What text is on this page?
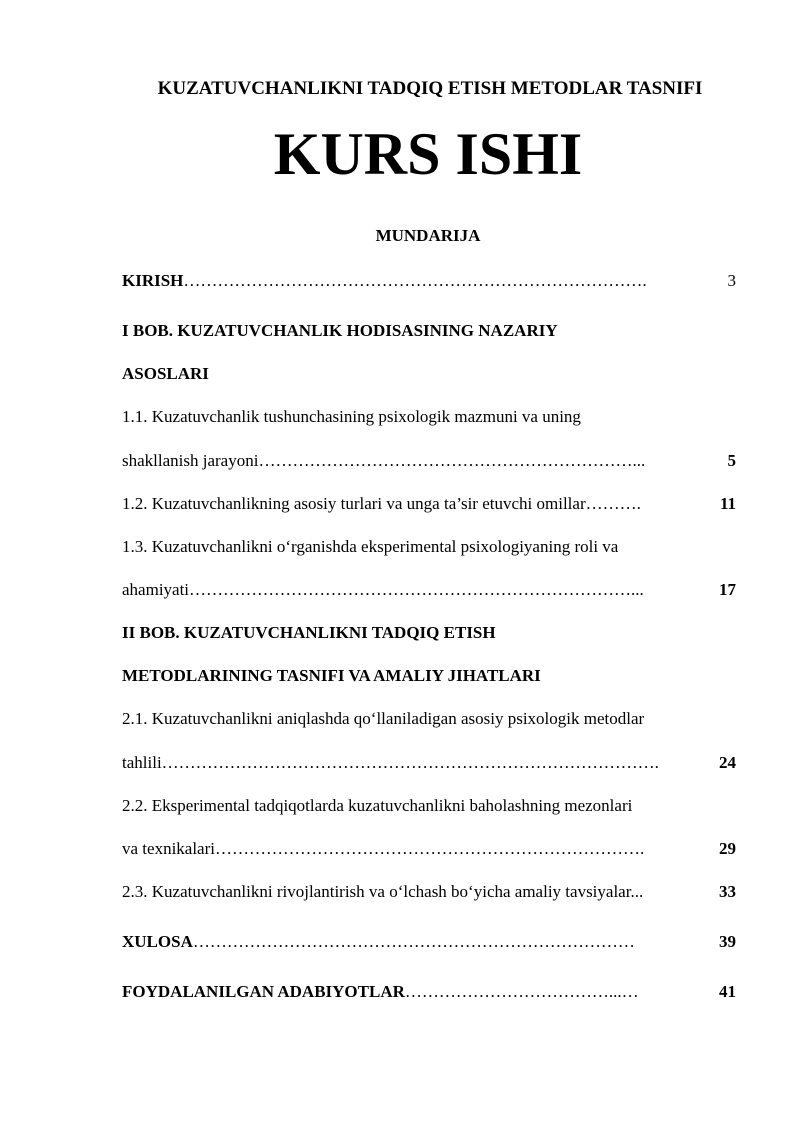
KUZATUVCHANLIKNI TADQIQ ETISH METODLAR TASNIFI
KURS ISHI
MUNDARIJA
KIRISH……………………………………………………………………….	3
I BOB. KUZATUVCHANLIK HODISASINING NAZARIY
ASOSLARI
1.1. Kuzatuvchanlik tushunchasining psixologik mazmuni va uning
shakllanish jarayoni…………………………………………………………...	5
1.2. Kuzatuvchanlikning asosiy turlari va unga ta’sir etuvchi omillar……….	11
1.3. Kuzatuvchanlikni o‘rganishda eksperimental psixologiyaning roli va
ahamiyati……………………………………………………………………...	17
II BOB. KUZATUVCHANLIKNI TADQIQ ETISH
METODLARINING TASNIFI VA AMALIY JIHATLARI
2.1. Kuzatuvchanlikni aniqlashda qo‘llaniladigan asosiy psixologik metodlar
tahlili…………………………………………………………………………….	24
2.2. Eksperimental tadqiqotlarda kuzatuvchanlikni baholashning mezonlari
va texnikalari………………………………………………………………….	29
2.3. Kuzatuvchanlikni rivojlantirish va o‘lchash bo‘yicha amaliy tavsiyalar...	33
XULOSA……………………………………………………………………	39
FOYDALANILGAN ADABIYOTLAR………………………………...…	41
